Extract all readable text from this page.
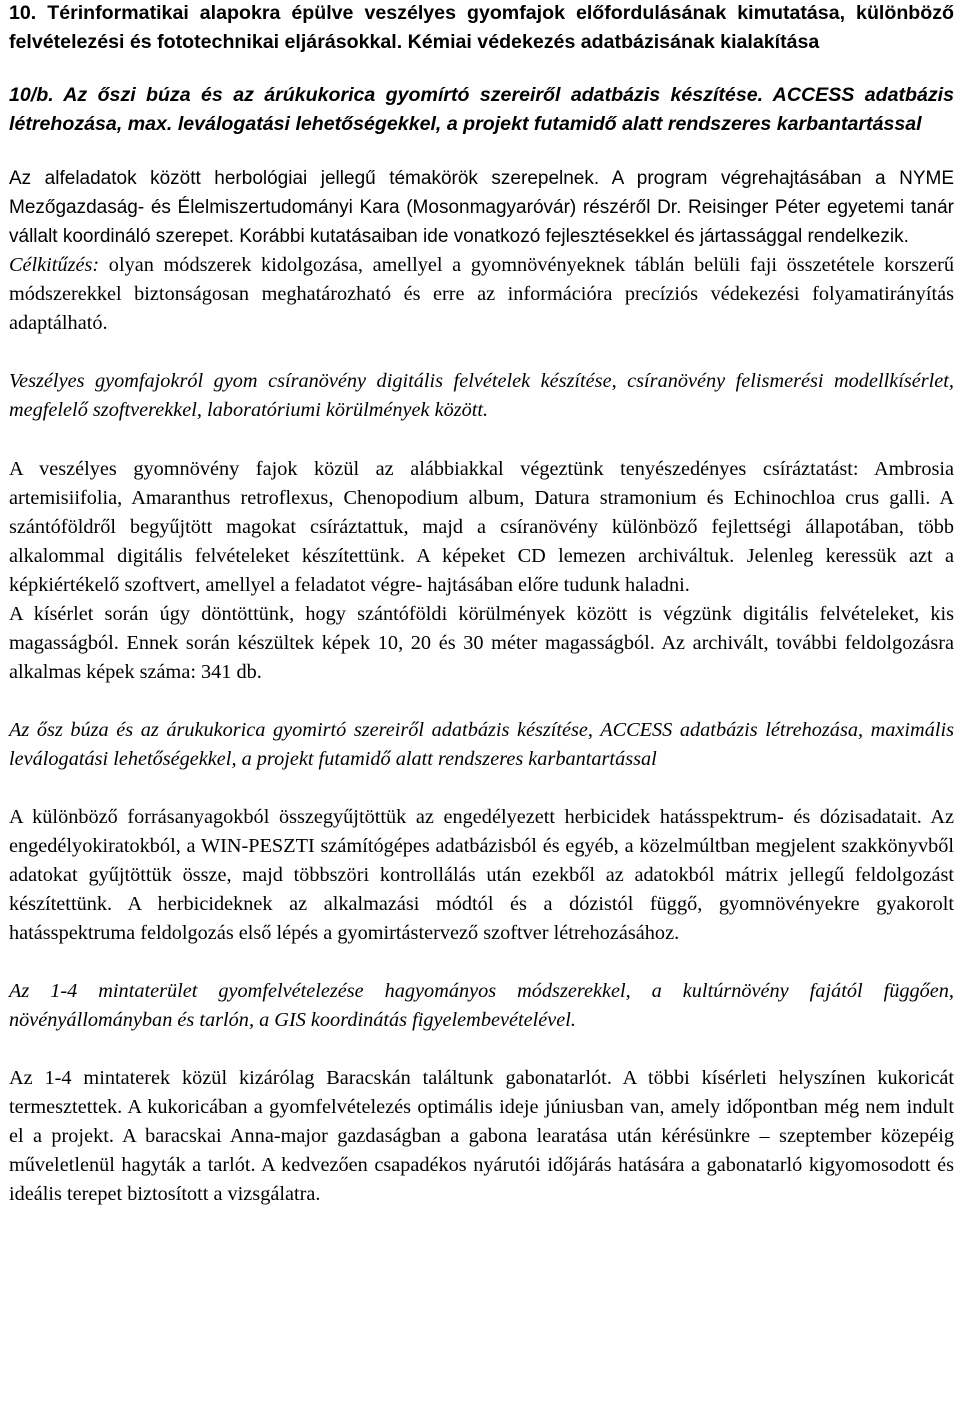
10. Térinformatikai alapokra épülve veszélyes gyomfajok előfordulásának kimutatása, különböző felvételezési és fototechnikai eljárásokkal. Kémiai védekezés adatbázisának kialakítása

10/b. Az őszi búza és az árúkukorica gyomírtó szereiről adatbázis készítése. ACCESS adatbázis létrehozása, max. leválogatási lehetőségekkel, a projekt futamidő alatt rendszeres karbantartással

Az alfeladatok között herbológiai jellegű témakörök szerepelnek. A program végrehajtásában a NYME Mezőgazdaság- és Élelmiszertudományi Kara (Mosonmagyaróvár) részéről Dr. Reisinger Péter egyetemi tanár vállalt koordináló szerepet. Korábbi kutatásaiban ide vonatkozó fejlesztésekkel és jártassággal rendelkezik.

Célkitűzés: olyan módszerek kidolgozása, amellyel a gyomnövényeknek táblán belüli faji összetétele korszerű módszerekkel biztonságosan meghatározható és erre az információra precíziós védekezési folyamatirányítás adaptálható.

Veszélyes gyomfajokról gyom csíranövény digitális felvételek készítése, csíranövény felismerési modellkísérlet, megfelelő szoftverekkel, laboratóriumi körülmények között.

A veszélyes gyomnövény fajok közül az alábbiakkal végeztünk tenyészedényes csíráztatást: Ambrosia artemisiifolia, Amaranthus retroflexus, Chenopodium album, Datura stramonium és Echinochloa crus galli. A szántóföldről begyűjtött magokat csíráztattuk, majd a csíranövény különböző fejlettségi állapotában, több alkalommal digitális felvételeket készítettünk. A képeket CD lemezen archiváltuk. Jelenleg keressük azt a képkiértékelő szoftvert, amellyel a feladatot végre- hajtásában előre tudunk haladni.

A kísérlet során úgy döntöttünk, hogy szántóföldi körülmények között is végzünk digitális felvételeket, kis magasságból. Ennek során készültek képek 10, 20 és 30 méter magasságból. Az archivált, további feldolgozásra alkalmas képek száma: 341 db.

Az ősz búza és az árukukorica gyomirtó szereiről adatbázis készítése, ACCESS adatbázis létrehozása, maximális leválogatási lehetőségekkel, a projekt futamidő alatt rendszeres karbantartással

A különböző forrásanyagokból összegyűjtöttük az engedélyezett herbicidek hatásspektrum- és dózisadatait. Az engedélyokiratokból, a WIN-PESZTI számítógépes adatbázisból és egyéb, a közelmúltban megjelent szakkönyvből adatokat gyűjtöttük össze, majd többszöri kontrollálás után ezekből az adatokból mátrix jellegű feldolgozást készítettünk. A herbicideknek az alkalmazási módtól és a dózistól függő, gyomnövényekre gyakorolt hatásspektruma feldolgozás első lépés a gyomirtástervező szoftver létrehozásához.

Az 1-4 mintaterület gyomfelvételezése hagyományos módszerekkel, a kultúrnövény fajától függően, növényállományban és tarlón, a GIS koordinátás figyelembevételével.

Az 1-4 mintaterek közül kizárólag Baracskán találtunk gabonatarlót. A többi kísérleti helyszínen kukoricát termesztettek. A kukoricában a gyomfelvételezés optimális ideje júniusban van, amely időpontban még nem indult el a projekt. A baracskai Anna-major gazdaságban a gabona learatása után kérésünkre – szeptember közepéig műveletlenül hagyták a tarlót. A kedvezően csapadékos nyárutói időjárás hatására a gabonatarló kigyomosodott és ideális terepet biztosított a vizsgálatra.
